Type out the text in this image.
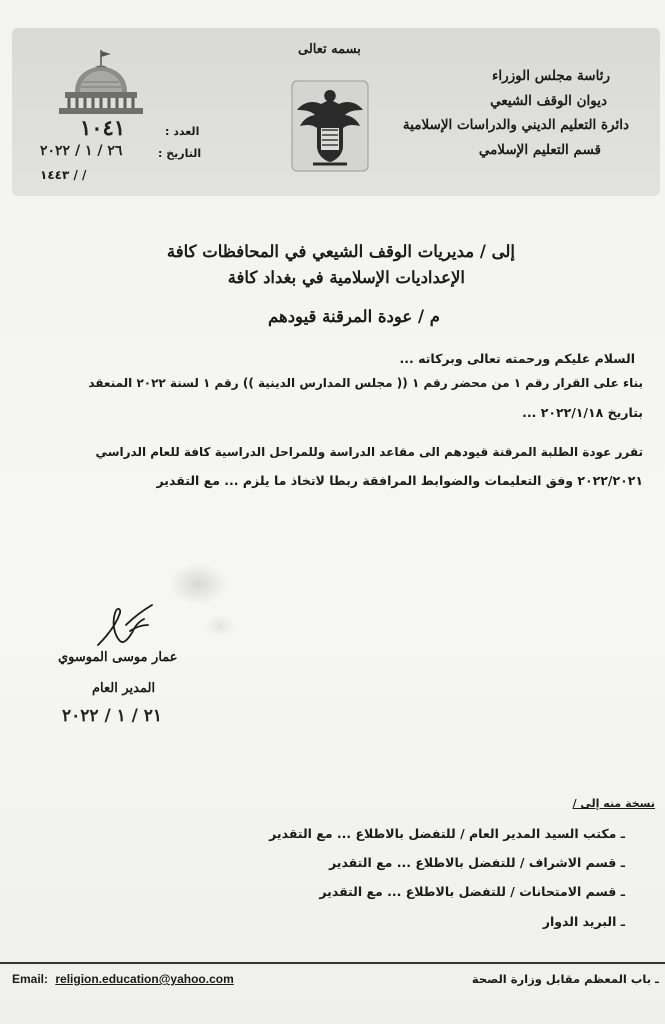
بسمه تعالى
رئاسة مجلس الوزراء
ديوان الوقف الشيعي
دائرة التعليم الديني والدراسات الإسلامية
قسم التعليم الإسلامي
العدد :
١٠٤١
التاريخ :
٢٦ / ١ / ٢٠٢٢
/ / ١٤٤٣
إلى / مديريات الوقف الشيعي في المحافظات كافة
الإعداديات الإسلامية في بغداد كافة
م / عودة المرقنة قيودهم
السلام عليكم ورحمته تعالى وبركاته ...
بناء على القرار رقم ١ من محضر رقم ١ (( مجلس المدارس الدينية )) رقم ١ لسنة ٢٠٢٢ المنعقد
بتاريخ ٢٠٢٢/١/١٨ ...
تقرر عودة الطلبة المرقنة قيودهم الى مقاعد الدراسة وللمراحل الدراسية كافة للعام الدراسي
٢٠٢٢/٢٠٢١ وفق التعليمات والضوابط المرافقة ربطا لاتخاذ ما يلزم ... مع التقدير
عمار موسى الموسوي
المدير العام
٢١ / ١ / ٢٠٢٢
نسخة منه إلى /
ـ مكتب السيد المدير العام / للتفضل بالاطلاع ... مع التقدير
ـ قسم الاشراف / للتفضل بالاطلاع ... مع التقدير
ـ قسم الامتحانات / للتفضل بالاطلاع ... مع التقدير
ـ البريد الدوار
Email: religion.education@yahoo.com	ـ باب المعظم مقابل وزارة الصحة
